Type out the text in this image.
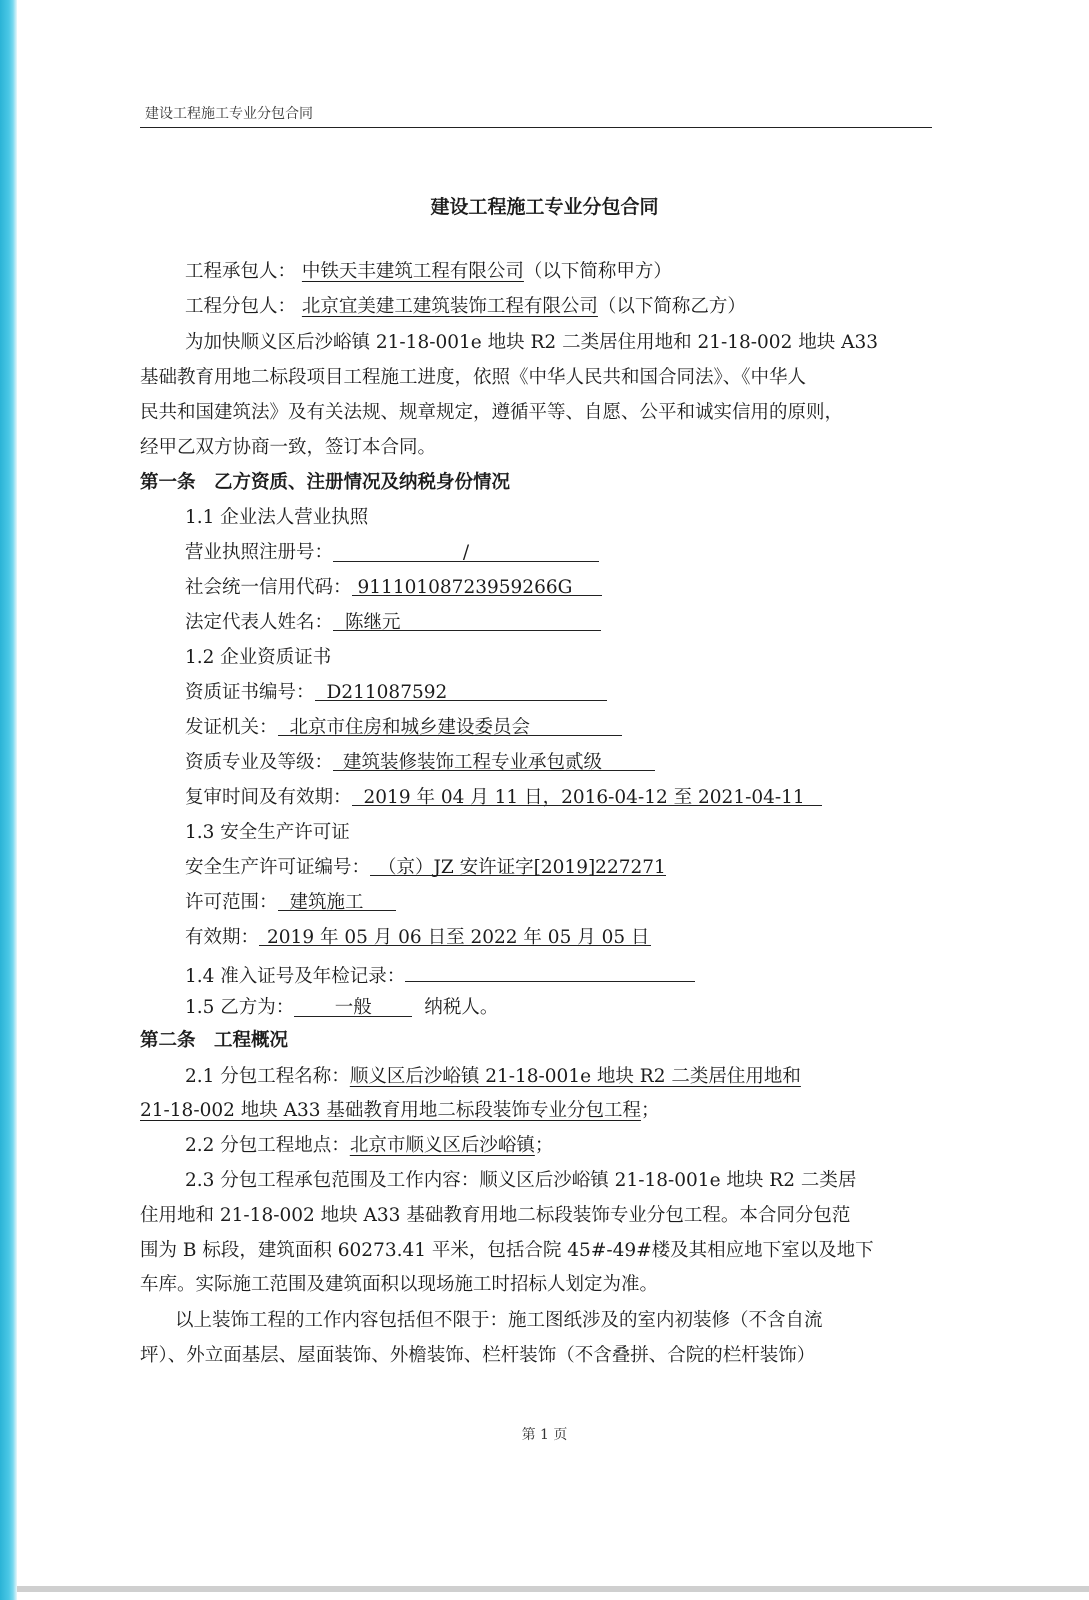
建设工程施工专业分包合同
建设工程施工专业分包合同
工程承包人： 中铁天丰建筑工程有限公司（以下简称甲方）
工程分包人： 北京宜美建工建筑装饰工程有限公司（以下简称乙方）
为加快顺义区后沙峪镇 21-18-001e 地块 R2 二类居住用地和 21-18-002 地块 A33
基础教育用地二标段项目工程施工进度，依照《中华人民共和国合同法》、《中华人
民共和国建筑法》及有关法规、规章规定，遵循平等、自愿、公平和诚实信用的原则，
经甲乙双方协商一致，签订本合同。
第一条　乙方资质、注册情况及纳税身份情况
1.1 企业法人营业执照
营业执照注册号：	/
社会统一信用代码： 91110108723959266G
法定代表人姓名： 陈继元
1.2 企业资质证书
资质证书编号： D211087592
发证机关： 北京市住房和城乡建设委员会
资质专业及等级： 建筑装修装饰工程专业承包贰级
复审时间及有效期： 2019 年 04 月 11 日，2016-04-12 至 2021-04-11
1.3 安全生产许可证
安全生产许可证编号： （京）JZ 安许证字[2019]227271
许可范围： 建筑施工
有效期： 2019 年 05 月 06 日至 2022 年 05 月 05 日
1.4 准入证号及年检记录：
1.5 乙方为： 一般	纳税人。
第二条　工程概况
2.1 分包工程名称：顺义区后沙峪镇 21-18-001e 地块 R2 二类居住用地和
21-18-002 地块 A33 基础教育用地二标段装饰专业分包工程；
2.2 分包工程地点：北京市顺义区后沙峪镇；
2.3 分包工程承包范围及工作内容：顺义区后沙峪镇 21-18-001e 地块 R2 二类居
住用地和 21-18-002 地块 A33 基础教育用地二标段装饰专业分包工程。本合同分包范
围为 B 标段，建筑面积 60273.41 平米，包括合院 45#-49#楼及其相应地下室以及地下
车库。实际施工范围及建筑面积以现场施工时招标人划定为准。
以上装饰工程的工作内容包括但不限于：施工图纸涉及的室内初装修（不含自流
坪）、外立面基层、屋面装饰、外檐装饰、栏杆装饰（不含叠拼、合院的栏杆装饰）
第 1 页
